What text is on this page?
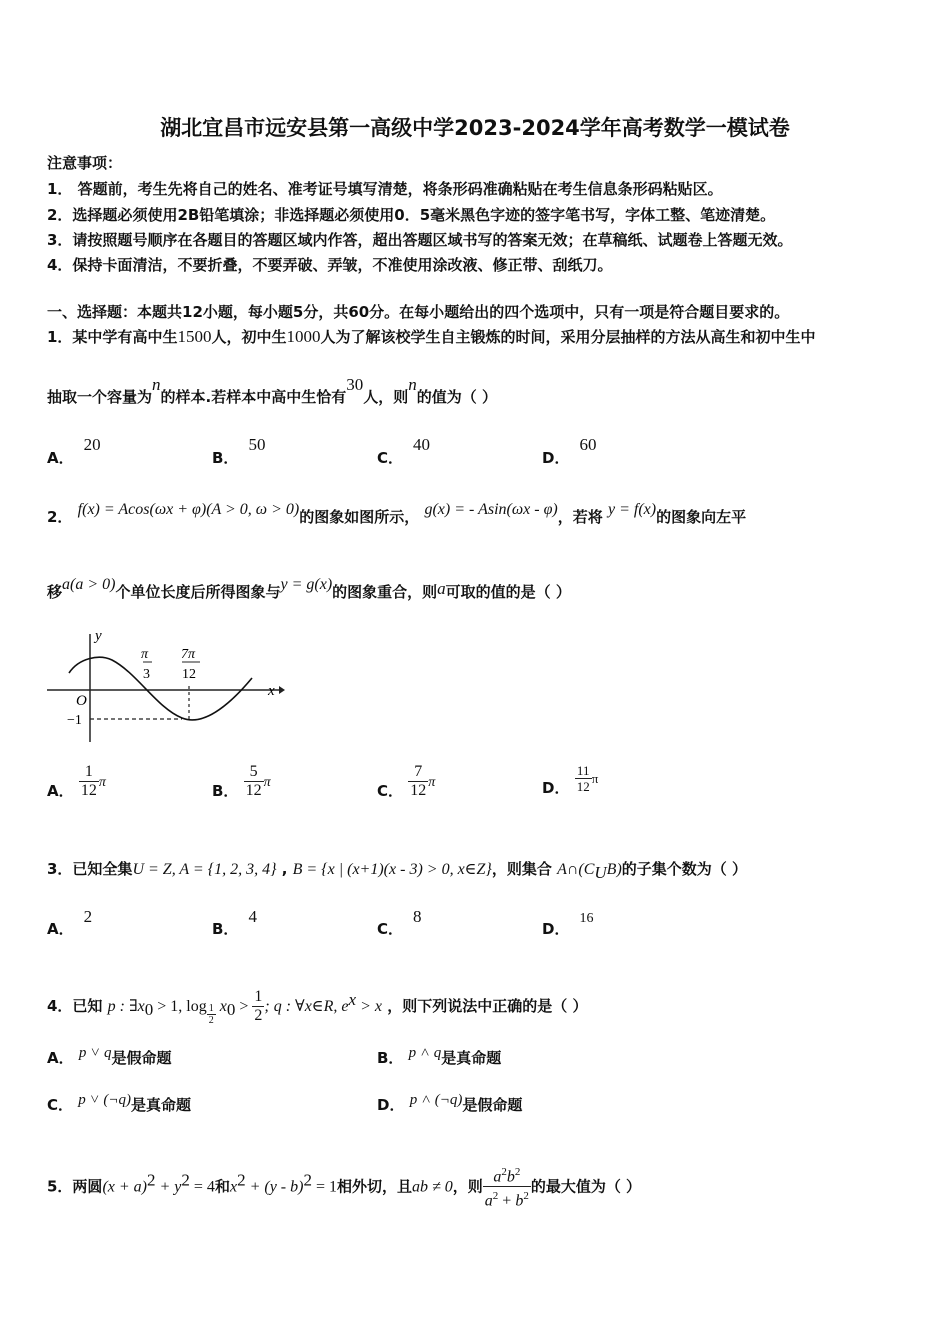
湖北宜昌市远安县第一高级中学2023-2024学年高考数学一模试卷
注意事项：
1． 答题前，考生先将自己的姓名、准考证号填写清楚，将条形码准确粘贴在考生信息条形码粘贴区。
2．选择题必须使用2B铅笔填涂；非选择题必须使用0．5毫米黑色字迹的签字笔书写，字体工整、笔迹清楚。
3．请按照题号顺序在各题目的答题区域内作答，超出答题区域书写的答案无效；在草稿纸、试题卷上答题无效。
4．保持卡面清洁，不要折叠，不要弄破、弄皱，不准使用涂改液、修正带、刮纸刀。
一、选择题：本题共12小题，每小题5分，共60分。在每小题给出的四个选项中，只有一项是符合题目要求的。
1．某中学有高中生1500人，初中生1000人为了解该校学生自主锻炼的时间，采用分层抽样的方法从高生和初中生中
抽取一个容量为n的样本.若样本中高中生恰有30人，则n的值为（ ）
A．20
B．50
C．40
D．60
2． f(x) = Acos(ωx + φ)(A > 0, ω > 0)的图象如图所示， g(x) = - Asin(ωx - φ)，若将 y = f(x)的图象向左平
移a(a > 0)个单位长度后所得图象与y = g(x)的图象重合，则a可取的值的是（ ）
y
x
O
−1
π
3
7π
12
A． $\frac{1}{12}$ π	B． $\frac{5}{12}$ π	C． $\frac{7}{12}$ π	D． $\frac{11}{12}$ π
3．已知全集U = Z, A = {1, 2, 3, 4} , B = {x | (x+1)(x - 3) > 0, x∈Z}，则集合 $A\cap(C_UB)$的子集个数为（ ）
A．2
B．4
C．8
D．16
4．已知 p : $\exists x_0 > 1$, log $_{\frac{1}{2}}$ $x_0 > \frac{1}{2}$ ; q : ∀x∈R, $e^x > x$ ，则下列说法中正确的是（ ）
A． p ˅ q是假命题	B． p ˄ q是真命题
C． p ˅ (¬q)是真命题	D． p ˄ (¬q)是假命题
5．两圆$(x + a)^2 + y^2 = 4$和$x^2 + (y - b)^2 = 1$相外切，且ab ≠ 0，则 $\frac{a^2b^2}{a^2 + b^2}$ 的最大值为（ ）
